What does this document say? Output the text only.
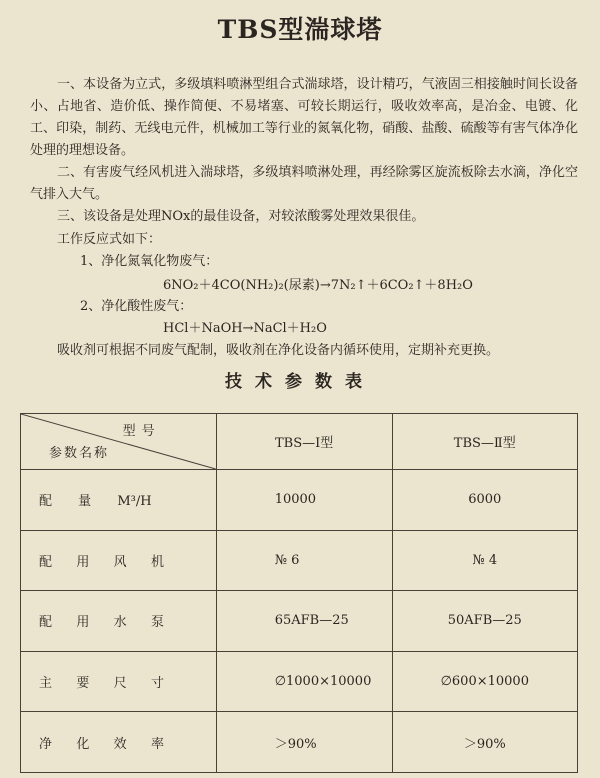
TBS型湍球塔

一、本设备为立式，多级填料喷淋型组合式湍球塔，设计精巧，气液固三相接触时间长设备小、占地省、造价低、操作简便、不易堵塞、可较长期运行，吸收效率高，是冶金、电镀、化工、印染，制药、无线电元件，机械加工等行业的氮氧化物，硝酸、盐酸、硫酸等有害气体净化处理的理想设备。

二、有害废气经风机进入湍球塔，多级填料喷淋处理，再经除雾区旋流板除去水滴，净化空气排入大气。

三、该设备是处理NOx的最佳设备，对较浓酸雾处理效果很佳。

工作反应式如下：
1、净化氮氧化物废气：
6NO₂＋4CO(NH₂)₂(尿素)→7N₂↑＋6CO₂↑＋8H₂O
2、净化酸性废气：
HCl＋NaOH→NaCl＋H₂O
吸收剂可根据不同废气配制，吸收剂在净化设备内循环使用，定期补充更换。
技术参数表
型号
参数名称	TBS—Ⅰ型	TBS—Ⅱ型
配 量 M³/H	10000	6000

配 用 风 机	№ 6	№ 4

配 用 水 泵	65AFB—25	50AFB—25

主 要 尺 寸	∅1000×10000	∅600×10000

净 化 效 率	＞90%	＞90%
